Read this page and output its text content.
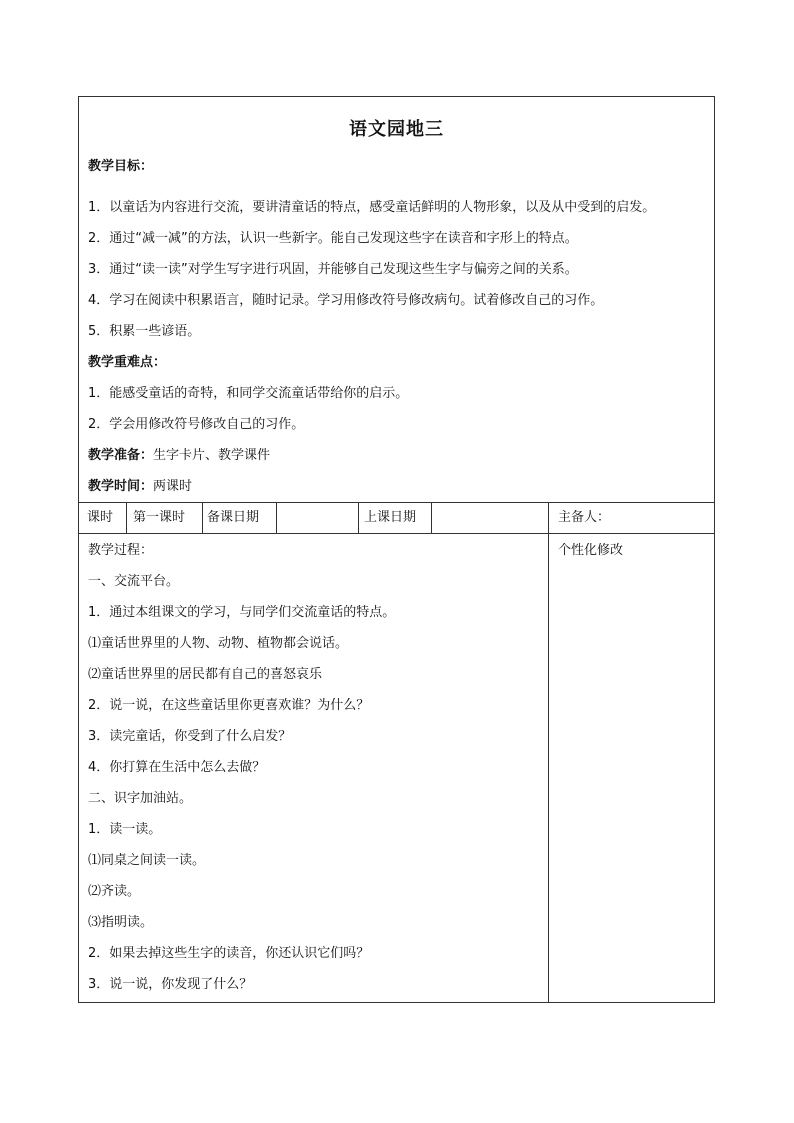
语文园地三
教学目标：
1．以童话为内容进行交流，要讲清童话的特点，感受童话鲜明的人物形象，以及从中受到的启发。
2．通过“减一减”的方法，认识一些新字。能自己发现这些字在读音和字形上的特点。
3．通过“读一读”对学生写字进行巩固，并能够自己发现这些生字与偏旁之间的关系。
4．学习在阅读中积累语言，随时记录。学习用修改符号修改病句。试着修改自己的习作。
5．积累一些谚语。
教学重难点：
1．能感受童话的奇特，和同学交流童话带给你的启示。
2．学会用修改符号修改自己的习作。
教学准备：生字卡片、教学课件
教学时间：两课时
课时 第一课时 备课日期	上课日期	主备人：
教学过程：
一、交流平台。
1．通过本组课文的学习，与同学们交流童话的特点。
⑴童话世界里的人物、动物、植物都会说话。
⑵童话世界里的居民都有自己的喜怒哀乐
2．说一说，在这些童话里你更喜欢谁？为什么？
3．读完童话，你受到了什么启发？
4．你打算在生活中怎么去做？
二、识字加油站。
1．读一读。
⑴同桌之间读一读。
⑵齐读。
⑶指明读。
2．如果去掉这些生字的读音，你还认识它们吗？
3．说一说，你发现了什么？
个性化修改
